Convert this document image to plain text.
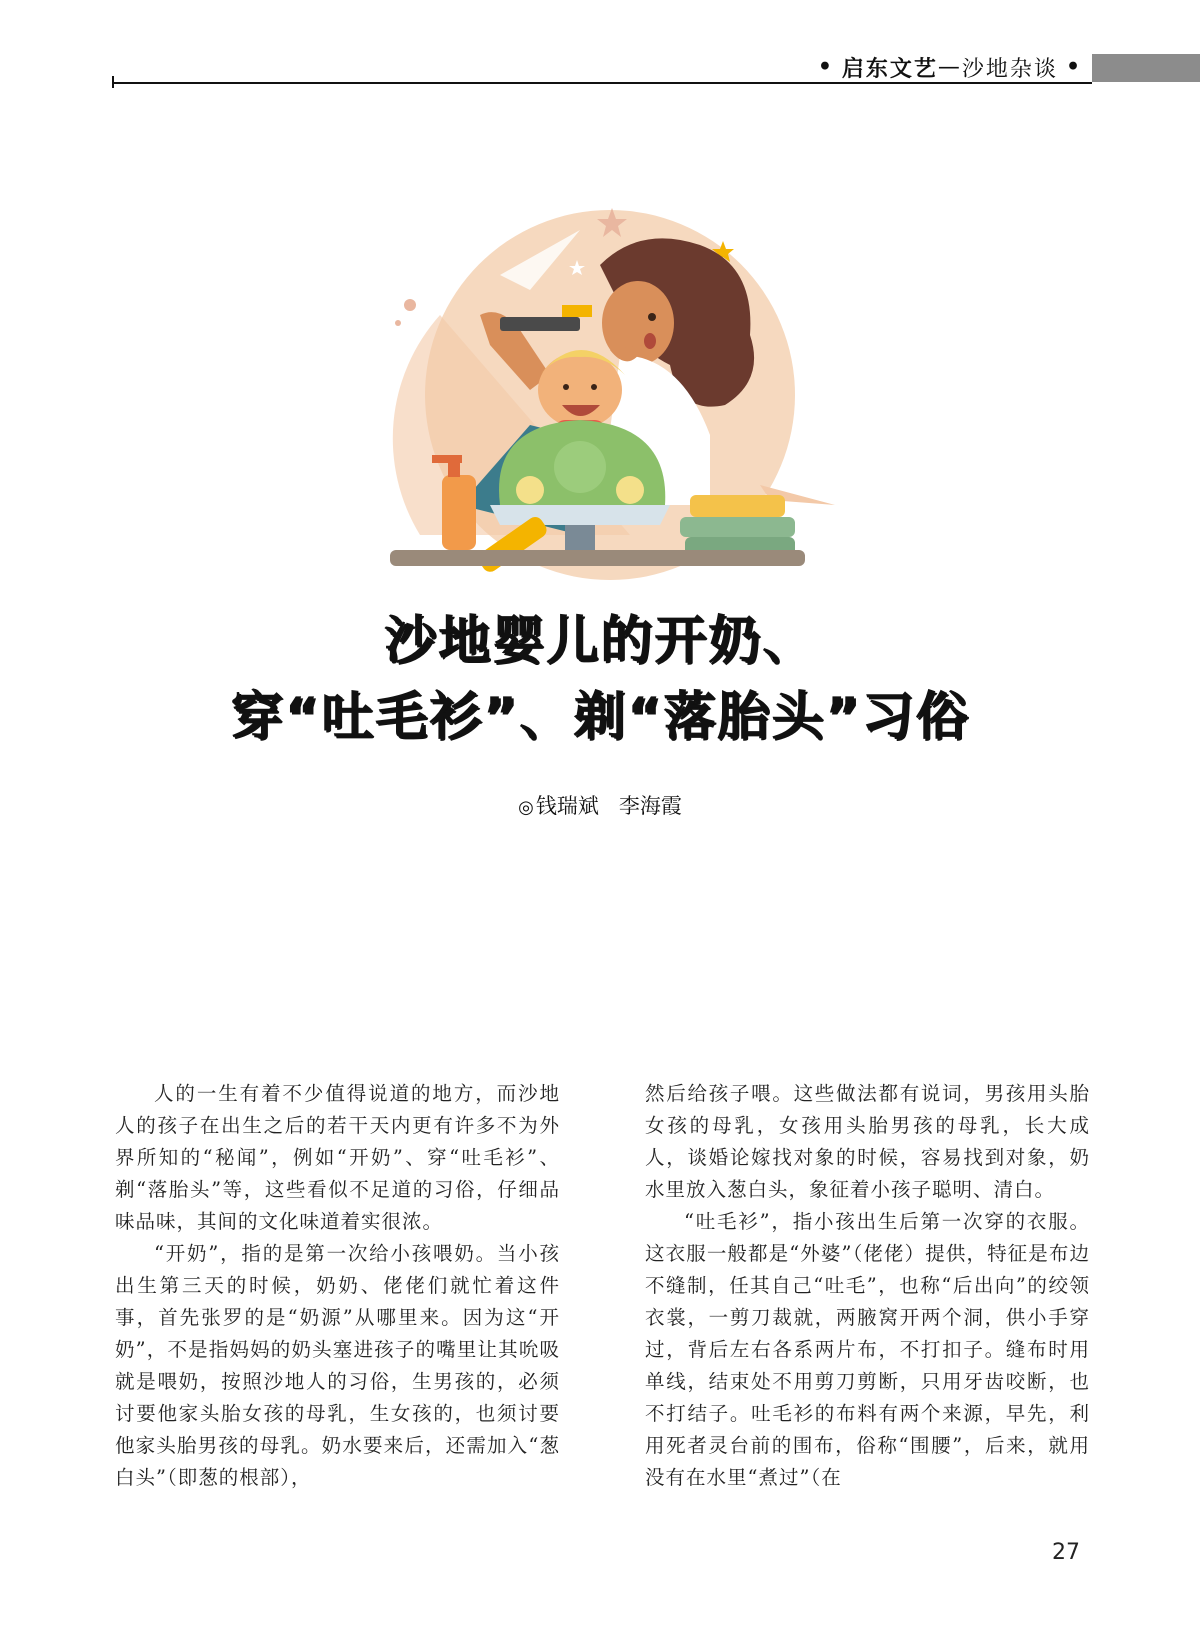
• 启东文艺 — 沙地杂谈 •
沙地婴儿的开奶、
穿“吐毛衫”、剃“落胎头”习俗
◎钱瑞斌 李海霞

人的一生有着不少值得说道的地方，而沙地人的孩子在出生之后的若干天内更有许多不为外界所知的“秘闻”，例如“开奶”、穿“吐毛衫”、剃“落胎头”等，这些看似不足道的习俗，仔细品味品味，其间的文化味道着实很浓。

“开奶”，指的是第一次给小孩喂奶。当小孩出生第三天的时候，奶奶、佬佬们就忙着这件事，首先张罗的是“奶源”从哪里来。因为这“开奶”，不是指妈妈的奶头塞进孩子的嘴里让其吮吸就是喂奶，按照沙地人的习俗，生男孩的，必须讨要他家头胎女孩的母乳，生女孩的，也须讨要他家头胎男孩的母乳。奶水要来后，还需加入“葱白头”（即葱的根部），

然后给孩子喂。这些做法都有说词，男孩用头胎女孩的母乳，女孩用头胎男孩的母乳，长大成人，谈婚论嫁找对象的时候，容易找到对象，奶水里放入葱白头，象征着小孩子聪明、清白。

“吐毛衫”，指小孩出生后第一次穿的衣服。这衣服一般都是“外婆”（佬佬）提供，特征是布边不缝制，任其自己“吐毛”，也称“后出向”的绞领衣裳，一剪刀裁就，两腋窝开两个洞，供小手穿过，背后左右各系两片布，不打扣子。缝布时用单线，结束处不用剪刀剪断，只用牙齿咬断，也不打结子。吐毛衫的布料有两个来源，早先，利用死者灵台前的围布，俗称“围腰”，后来，就用没有在水里“煮过”（在

27
